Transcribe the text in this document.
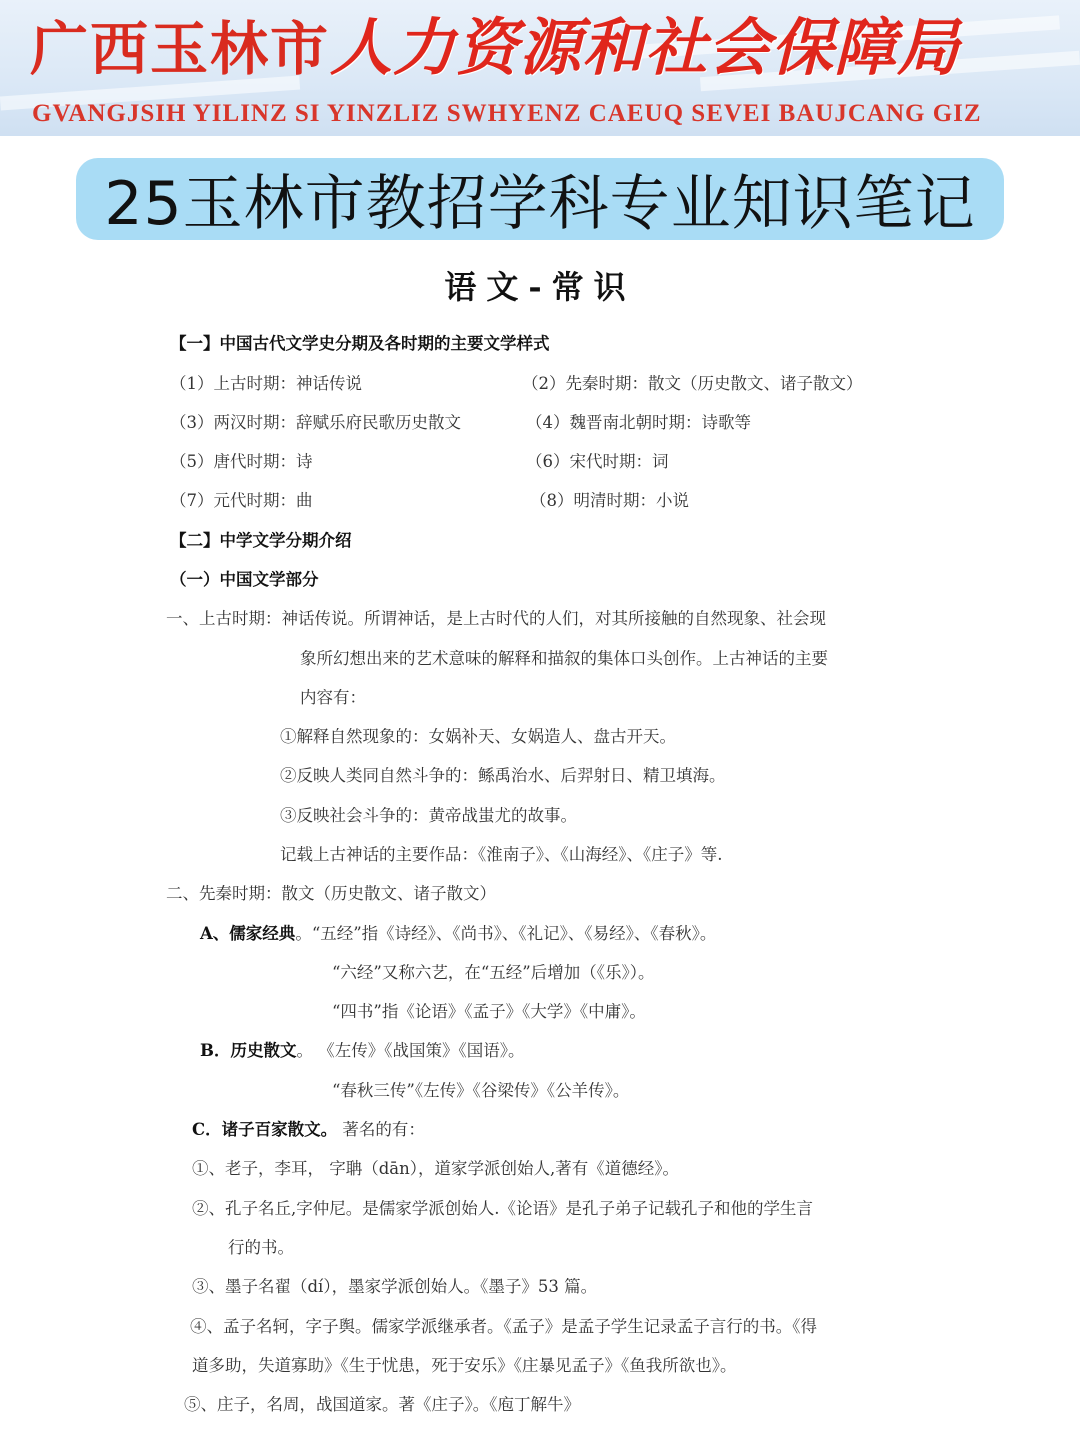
广西玉林市人力资源和社会保障局
GVANGJSIH YILINZ SI YINZLIZ SWHYENZ CAEUQ SEVEI BAUJCANG GIZ
25玉林市教招学科专业知识笔记
语文-常识
【一】中国古代文学史分期及各时期的主要文学样式
（1）上古时期：神话传说	（2）先秦时期：散文（历史散文、诸子散文）
（3）两汉时期：辞赋乐府民歌历史散文	（4）魏晋南北朝时期：诗歌等
（5）唐代时期：诗	（6）宋代时期：词
（7）元代时期：曲	（8）明清时期：小说
【二】中学文学分期介绍
（一）中国文学部分
一、上古时期：神话传说。所谓神话，是上古时代的人们，对其所接触的自然现象、社会现
象所幻想出来的艺术意味的解释和描叙的集体口头创作。上古神话的主要
内容有：
①解释自然现象的：女娲补天、女娲造人、盘古开天。
②反映人类同自然斗争的：鲧禹治水、后羿射日、精卫填海。
③反映社会斗争的：黄帝战蚩尤的故事。
记载上古神话的主要作品：《淮南子》、《山海经》、《庄子》等.
二、先秦时期：散文（历史散文、诸子散文）
A、儒家经典。“五经”指《诗经》、《尚书》、《礼记》、《易经》、《春秋》。
“六经”又称六艺，在“五经”后增加（《乐》）。
“四书”指《论语》《孟子》《大学》《中庸》。
B．历史散文。 《左传》《战国策》《国语》。
“春秋三传”《左传》《谷梁传》《公羊传》。
C．诸子百家散文。 著名的有：
①、老子，李耳， 字聃（dān），道家学派创始人,著有《道德经》。
②、孔子名丘,字仲尼。是儒家学派创始人.《论语》是孔子弟子记载孔子和他的学生言
行的书。
③、墨子名翟（dí），墨家学派创始人。《墨子》53 篇。
④、孟子名轲，字子舆。儒家学派继承者。《孟子》是孟子学生记录孟子言行的书。《得
道多助，失道寡助》《生于忧患，死于安乐》《庄暴见孟子》《鱼我所欲也》。
⑤、庄子，名周，战国道家。著《庄子》。《庖丁解牛》
